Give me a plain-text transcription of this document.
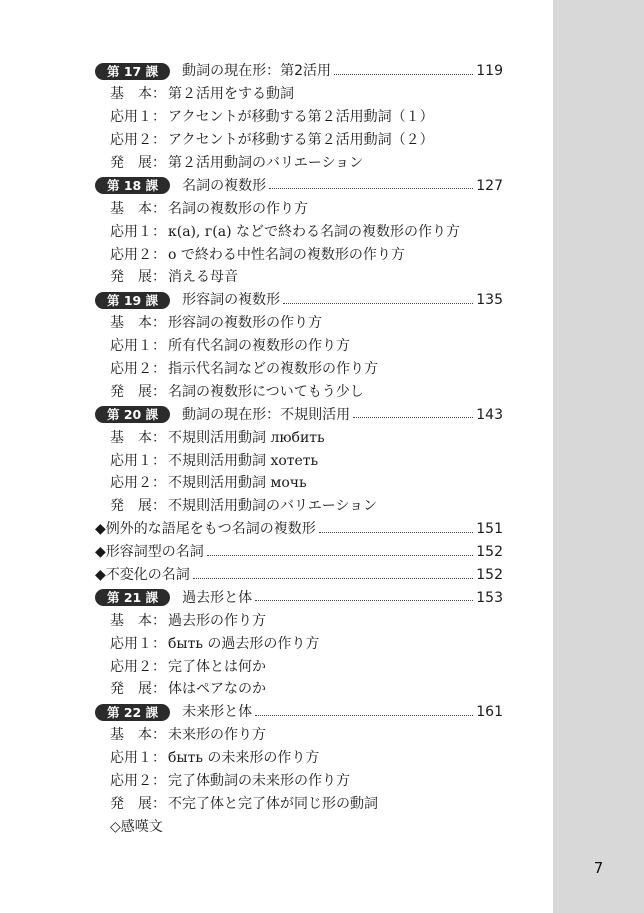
7
第 17 課	動詞の現在形：第2活用	119
基　本： 第２活用をする動詞
応用１： アクセントが移動する第２活用動詞（１）
応用２： アクセントが移動する第２活用動詞（２）
発　展： 第２活用動詞のバリエーション
第 18 課	名詞の複数形	127
基　本： 名詞の複数形の作り方
応用１： к(а), г(а) などで終わる名詞の複数形の作り方
応用２： о で終わる中性名詞の複数形の作り方
発　展： 消える母音
第 19 課	形容詞の複数形	135
基　本： 形容詞の複数形の作り方
応用１： 所有代名詞の複数形の作り方
応用２： 指示代名詞などの複数形の作り方
発　展： 名詞の複数形についてもう少し
第 20 課	動詞の現在形：不規則活用	143
基　本： 不規則活用動詞 любить
応用１： 不規則活用動詞 хотеть
応用２： 不規則活用動詞 мочь
発　展： 不規則活用動詞のバリエーション
◆例外的な語尾をもつ名詞の複数形	151
◆形容詞型の名詞	152
◆不変化の名詞	152
第 21 課	過去形と体	153
基　本： 過去形の作り方
応用１： быть の過去形の作り方
応用２： 完了体とは何か
発　展： 体はペアなのか
第 22 課	未来形と体	161
基　本： 未来形の作り方
応用１： быть の未来形の作り方
応用２： 完了体動詞の未来形の作り方
発　展： 不完了体と完了体が同じ形の動詞
◇感嘆文
